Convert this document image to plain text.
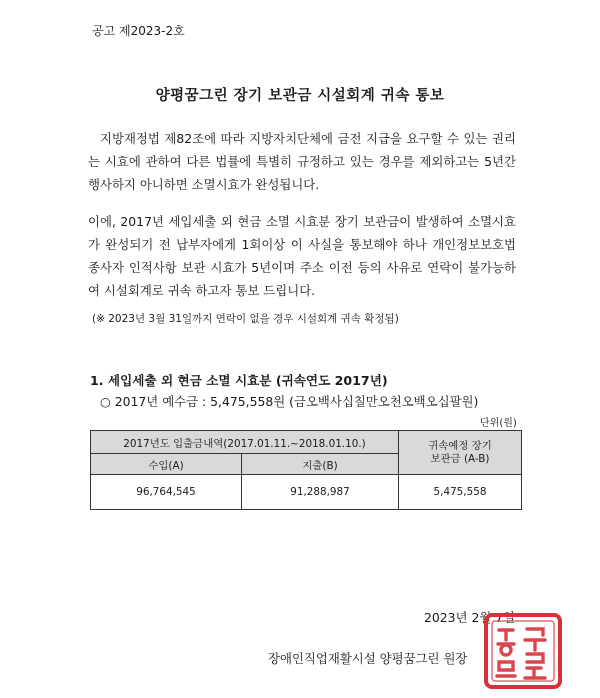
공고 제2023-2호
양평꿈그린 장기 보관금 시설회계 귀속 통보

지방재정법 제82조에 따라 지방자치단체에 금전 지급을 요구할 수 있는 권리는 시효에 관하여 다른 법률에 특별히 규정하고 있는 경우를 제외하고는 5년간 행사하지 아니하면 소멸시효가 완성됩니다.

이에, 2017년 세입세출 외 현금 소멸 시효분 장기 보관금이 발생하여 소멸시효가 완성되기 전 납부자에게 1회이상 이 사실을 통보해야 하나 개인정보보호법 종사자 인적사항 보관 시효가 5년이며 주소 이전 등의 사유로 연락이 불가능하여 시설회계로 귀속 하고자 통보 드립니다.

(※ 2023년 3월 31일까지 연락이 없을 경우 시설회계 귀속 확정됨)
1. 세입세출 외 현금 소멸 시효분 (귀속연도 2017년)
○ 2017년 예수금 : 5,475,558원 (금오백사십칠만오천오백오십팔원)
단위(원)
2017년도 입출금내역(2017.01.11.~2018.01.10.)		귀속예정 장기보관금 (A-B)
수입(A)	지출(B)	
96,764,545	91,288,987	5,475,558
2023년 2월 7일
장애인직업재활시설 양평꿈그린 원장
